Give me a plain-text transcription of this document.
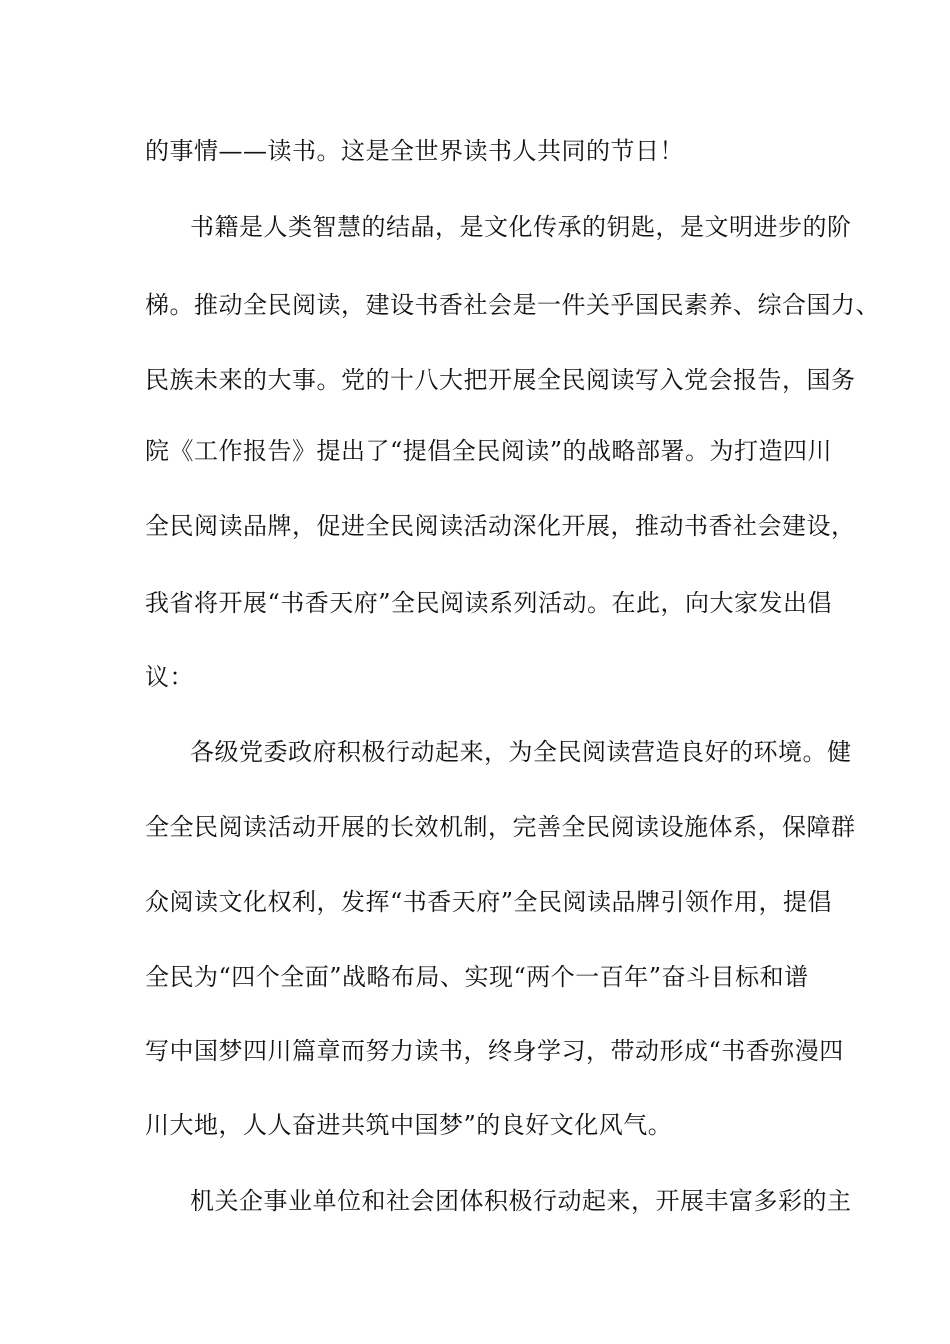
的事情——读书。这是全世界读书人共同的节日！
书籍是人类智慧的结晶，是文化传承的钥匙，是文明进步的阶
梯。推动全民阅读，建设书香社会是一件关乎国民素养、综合国力、
民族未来的大事。党的十八大把开展全民阅读写入党会报告，国务
院《工作报告》提出了“提倡全民阅读”的战略部署。为打造四川
全民阅读品牌，促进全民阅读活动深化开展，推动书香社会建设，
我省将开展“书香天府”全民阅读系列活动。在此，向大家发出倡
议：
各级党委政府积极行动起来，为全民阅读营造良好的环境。健
全全民阅读活动开展的长效机制，完善全民阅读设施体系，保障群
众阅读文化权利，发挥“书香天府”全民阅读品牌引领作用，提倡
全民为“四个全面”战略布局、实现“两个一百年”奋斗目标和谱
写中国梦四川篇章而努力读书，终身学习，带动形成“书香弥漫四
川大地，人人奋进共筑中国梦”的良好文化风气。
机关企事业单位和社会团体积极行动起来，开展丰富多彩的主
